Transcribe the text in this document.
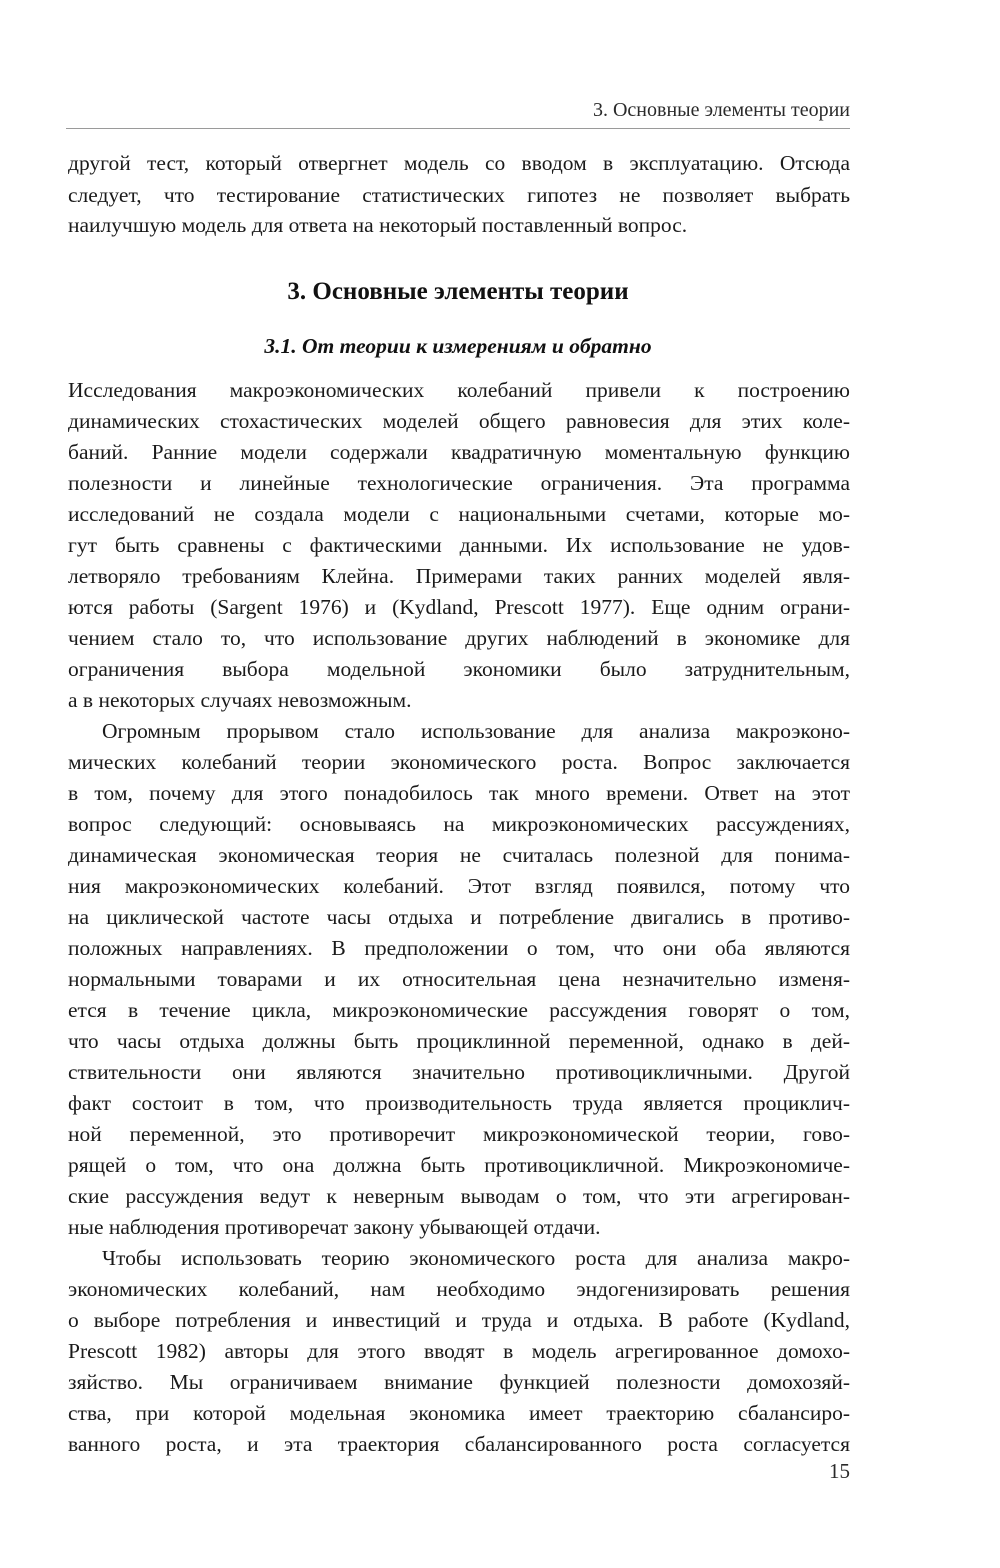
3. Основные элементы теории
другой тест, который отвергнет модель со вводом в эксплуатацию. Отсюда
следует, что тестирование статистических гипотез не позволяет выбрать
наилучшую модель для ответа на некоторый поставленный вопрос.
3. Основные элементы теории
3.1. От теории к измерениям и обратно
Исследования макроэкономических колебаний привели к построению
динамических стохастических моделей общего равновесия для этих коле-
баний. Ранние модели содержали квадратичную моментальную функцию
полезности и линейные технологические ограничения. Эта программа
исследований не создала модели с национальными счетами, которые мо-
гут быть сравнены с фактическими данными. Их использование не удов-
летворяло требованиям Клейна. Примерами таких ранних моделей явля-
ются работы (Sargent 1976) и (Kydland, Prescott 1977). Еще одним ограни-
чением стало то, что использование других наблюдений в экономике для
ограничения выбора модельной экономики было затруднительным,
а в некоторых случаях невозможным.
Огромным прорывом стало использование для анализа макроэконо-
мических колебаний теории экономического роста. Вопрос заключается
в том, почему для этого понадобилось так много времени. Ответ на этот
вопрос следующий: основываясь на микроэкономических рассуждениях,
динамическая экономическая теория не считалась полезной для понима-
ния макроэкономических колебаний. Этот взгляд появился, потому что
на циклической частоте часы отдыха и потребление двигались в противо-
положных направлениях. В предположении о том, что они оба являются
нормальными товарами и их относительная цена незначительно изменя-
ется в течение цикла, микроэкономические рассуждения говорят о том,
что часы отдыха должны быть проциклинной переменной, однако в дей-
ствительности они являются значительно противоцикличными. Другой
факт состоит в том, что производительность труда является проциклич-
ной переменной, это противоречит микроэкономической теории, гово-
рящей о том, что она должна быть противоцикличной. Микроэкономиче-
ские рассуждения ведут к неверным выводам о том, что эти агрегирован-
ные наблюдения противоречат закону убывающей отдачи.
Чтобы использовать теорию экономического роста для анализа макро-
экономических колебаний, нам необходимо эндогенизировать решения
о выборе потребления и инвестиций и труда и отдыха. В работе (Kydland,
Prescott 1982) авторы для этого вводят в модель агрегированное домохо-
зяйство. Мы ограничиваем внимание функцией полезности домохозяй-
ства, при которой модельная экономика имеет траекторию сбалансиро-
ванного роста, и эта траектория сбалансированного роста согласуется
15
